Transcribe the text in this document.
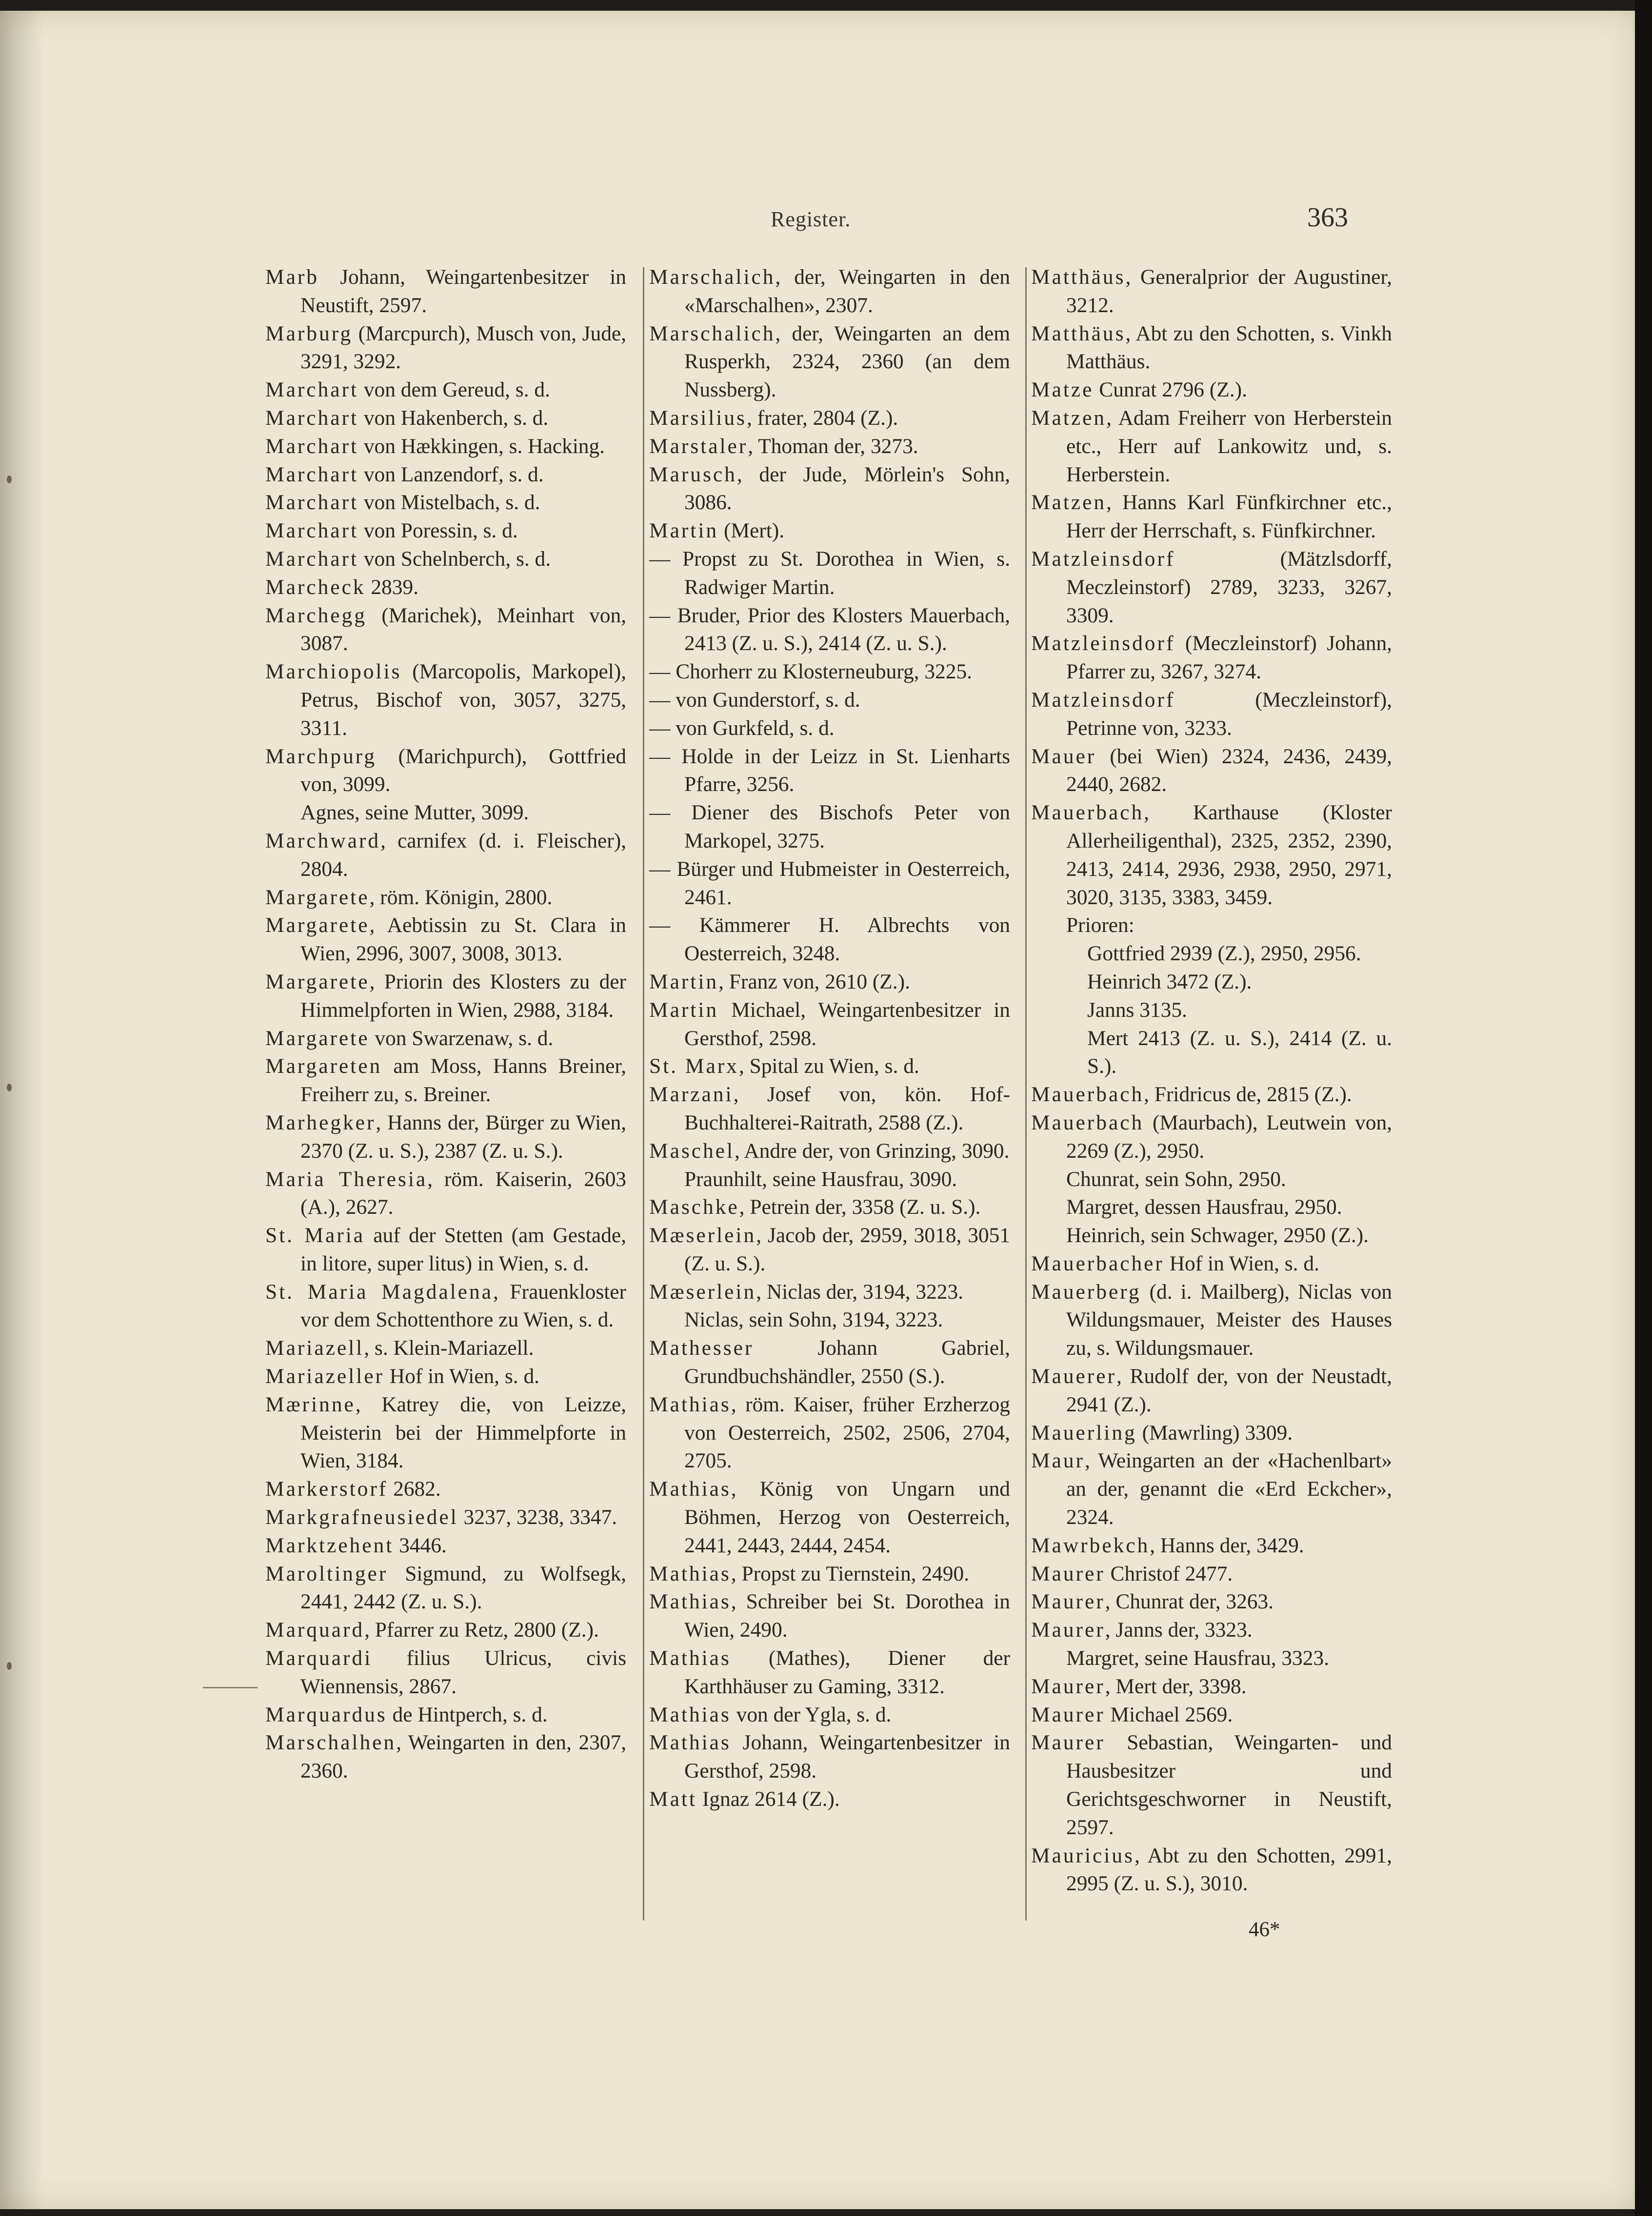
Register.	363

Marb Johann, Weingartenbesitzer in Neustift, 2597.

Marburg (Marcpurch), Musch von, Jude, 3291, 3292.

Marchart von dem Gereud, s. d.

Marchart von Hakenberch, s. d.

Marchart von Hækkingen, s. Hacking.

Marchart von Lanzendorf, s. d.

Marchart von Mistelbach, s. d.

Marchart von Poressin, s. d.

Marchart von Schelnberch, s. d.

Marcheck 2839.

Marchegg (Marichek), Meinhart von, 3087.

Marchiopolis (Marcopolis, Markopel), Petrus, Bischof von, 3057, 3275, 3311.

Marchpurg (Marichpurch), Gottfried von, 3099.

Agnes, seine Mutter, 3099.

Marchward, carnifex (d. i. Fleischer), 2804.

Margarete, röm. Königin, 2800.

Margarete, Aebtissin zu St. Clara in Wien, 2996, 3007, 3008, 3013.

Margarete, Priorin des Klosters zu der Himmelpforten in Wien, 2988, 3184.

Margarete von Swarzenaw, s. d.

Margareten am Moss, Hanns Breiner, Freiherr zu, s. Breiner.

Marhegker, Hanns der, Bürger zu Wien, 2370 (Z. u. S.), 2387 (Z. u. S.).

Maria Theresia, röm. Kaiserin, 2603 (A.), 2627.

St. Maria auf der Stetten (am Gestade, in litore, super litus) in Wien, s. d.

St. Maria Magdalena, Frauenkloster vor dem Schottenthore zu Wien, s. d.

Mariazell, s. Klein-Mariazell.

Mariazeller Hof in Wien, s. d.

Mærinne, Katrey die, von Leizze, Meisterin bei der Himmelpforte in Wien, 3184.

Markerstorf 2682.

Markgrafneusiedel 3237, 3238, 3347.

Marktzehent 3446.

Maroltinger Sigmund, zu Wolfsegk, 2441, 2442 (Z. u. S.).

Marquard, Pfarrer zu Retz, 2800 (Z.).

Marquardi filius Ulricus, civis Wiennensis, 2867.

Marquardus de Hintperch, s. d.

Marschalhen, Weingarten in den, 2307, 2360.

Marschalich, der, Weingarten in den «Marschalhen», 2307.

Marschalich, der, Weingarten an dem Rusperkh, 2324, 2360 (an dem Nussberg).

Marsilius, frater, 2804 (Z.).

Marstaler, Thoman der, 3273.

Marusch, der Jude, Mörlein's Sohn, 3086.

Martin (Mert).

— Propst zu St. Dorothea in Wien, s. Radwiger Martin.

— Bruder, Prior des Klosters Mauerbach, 2413 (Z. u. S.), 2414 (Z. u. S.).

— Chorherr zu Klosterneuburg, 3225.

— von Gunderstorf, s. d.

— von Gurkfeld, s. d.

— Holde in der Leizz in St. Lienharts Pfarre, 3256.

— Diener des Bischofs Peter von Markopel, 3275.

— Bürger und Hubmeister in Oesterreich, 2461.

— Kämmerer H. Albrechts von Oesterreich, 3248.

Martin, Franz von, 2610 (Z.).

Martin Michael, Weingartenbesitzer in Gersthof, 2598.

St. Marx, Spital zu Wien, s. d.

Marzani, Josef von, kön. Hof-Buchhalterei-Raitrath, 2588 (Z.).

Maschel, Andre der, von Grinzing, 3090.

Praunhilt, seine Hausfrau, 3090.

Maschke, Petrein der, 3358 (Z. u. S.).

Mæserlein, Jacob der, 2959, 3018, 3051 (Z. u. S.).

Mæserlein, Niclas der, 3194, 3223.

Niclas, sein Sohn, 3194, 3223.

Mathesser Johann Gabriel, Grundbuchshändler, 2550 (S.).

Mathias, röm. Kaiser, früher Erzherzog von Oesterreich, 2502, 2506, 2704, 2705.

Mathias, König von Ungarn und Böhmen, Herzog von Oesterreich, 2441, 2443, 2444, 2454.

Mathias, Propst zu Tiernstein, 2490.

Mathias, Schreiber bei St. Dorothea in Wien, 2490.

Mathias (Mathes), Diener der Karthhäuser zu Gaming, 3312.

Mathias von der Ygla, s. d.

Mathias Johann, Weingartenbesitzer in Gersthof, 2598.

Matt Ignaz 2614 (Z.).

Matthäus, Generalprior der Augustiner, 3212.

Matthäus, Abt zu den Schotten, s. Vinkh Matthäus.

Matze Cunrat 2796 (Z.).

Matzen, Adam Freiherr von Herberstein etc., Herr auf Lankowitz und, s. Herberstein.

Matzen, Hanns Karl Fünfkirchner etc., Herr der Herrschaft, s. Fünfkirchner.

Matzleinsdorf (Mätzlsdorff, Meczleinstorf) 2789, 3233, 3267, 3309.

Matzleinsdorf (Meczleinstorf) Johann, Pfarrer zu, 3267, 3274.

Matzleinsdorf (Meczleinstorf), Petrinne von, 3233.

Mauer (bei Wien) 2324, 2436, 2439, 2440, 2682.

Mauerbach, Karthause (Kloster Allerheiligenthal), 2325, 2352, 2390, 2413, 2414, 2936, 2938, 2950, 2971, 3020, 3135, 3383, 3459.

Prioren:

Gottfried 2939 (Z.), 2950, 2956.

Heinrich 3472 (Z.).

Janns 3135.

Mert 2413 (Z. u. S.), 2414 (Z. u. S.).

Mauerbach, Fridricus de, 2815 (Z.).

Mauerbach (Maurbach), Leutwein von, 2269 (Z.), 2950.

Chunrat, sein Sohn, 2950.

Margret, dessen Hausfrau, 2950.

Heinrich, sein Schwager, 2950 (Z.).

Mauerbacher Hof in Wien, s. d.

Mauerberg (d. i. Mailberg), Niclas von Wildungsmauer, Meister des Hauses zu, s. Wildungsmauer.

Mauerer, Rudolf der, von der Neustadt, 2941 (Z.).

Mauerling (Mawrling) 3309.

Maur, Weingarten an der «Hachenlbart» an der, genannt die «Erd Eckcher», 2324.

Mawrbekch, Hanns der, 3429.

Maurer Christof 2477.

Maurer, Chunrat der, 3263.

Maurer, Janns der, 3323.

Margret, seine Hausfrau, 3323.

Maurer, Mert der, 3398.

Maurer Michael 2569.

Maurer Sebastian, Weingarten- und Hausbesitzer und Gerichtsgeschworner in Neustift, 2597.

Mauricius, Abt zu den Schotten, 2991, 2995 (Z. u. S.), 3010.

46*
